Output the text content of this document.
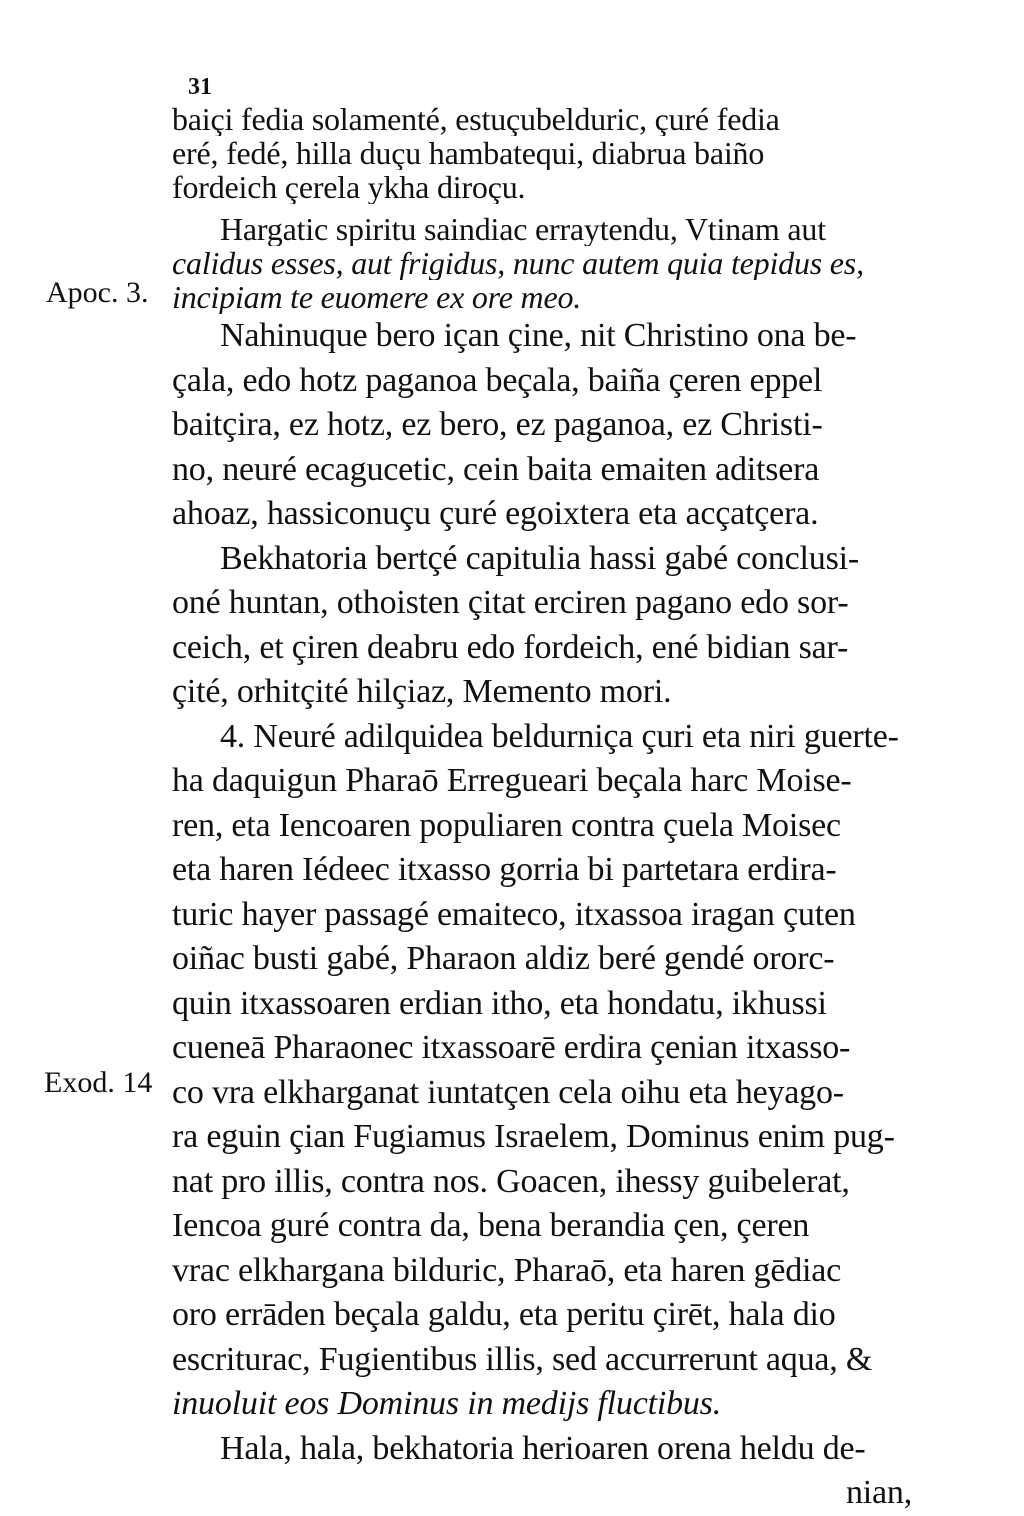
31
Apoc. 3.
Exod. 14
baiçi fedia solamenté, estuçubelduric, çuré fedia
eré, fedé, hilla duçu hambatequi, diabrua baiño
fordeich çerela ykha diroçu.
Hargatic spiritu saindiac erraytendu, Vtinam aut
calidus esses, aut frigidus, nunc autem quia tepidus es,
incipiam te euomere ex ore meo.
Nahinuque bero içan çine, nit Christino ona be-
çala, edo hotz paganoa beçala, baiña çeren eppel
baitçira, ez hotz, ez bero, ez paganoa, ez Christi-
no, neuré ecagucetic, cein baita emaiten aditsera
ahoaz, hassiconuçu çuré egoixtera eta acçatçera.
Bekhatoria bertçé capitulia hassi gabé conclusi-
oné huntan, othoisten çitat erciren pagano edo sor-
ceich, et çiren deabru edo fordeich, ené bidian sar-
çité, orhitçité hilçiaz, Memento mori.
4. Neuré adilquidea beldurniça çuri eta niri guerte-
ha daquigun Pharaō Erregueari beçala harc Moise-
ren, eta Iencoaren populiaren contra çuela Moisec
eta haren Iédeec itxasso gorria bi partetara erdira-
turic hayer passagé emaiteco, itxassoa iragan çuten
oiñac busti gabé, Pharaon aldiz beré gendé ororc-
quin itxassoaren erdian itho, eta hondatu, ikhussi
cueneā Pharaonec itxassoarē erdira çenian itxasso-
co vra elkharganat iuntatçen cela oihu eta heyago-
ra eguin çian Fugiamus Israelem, Dominus enim pug-
nat pro illis, contra nos. Goacen, ihessy guibelerat,
Iencoa guré contra da, bena berandia çen, çeren
vrac elkhargana bilduric, Pharaō, eta haren gēdiac
oro errāden beçala galdu, eta peritu çirēt, hala dio
escriturac, Fugientibus illis, sed accurrerunt aqua, &
inuoluit eos Dominus in medijs fluctibus.
Hala, hala, bekhatoria herioaren orena heldu de-
nian,
